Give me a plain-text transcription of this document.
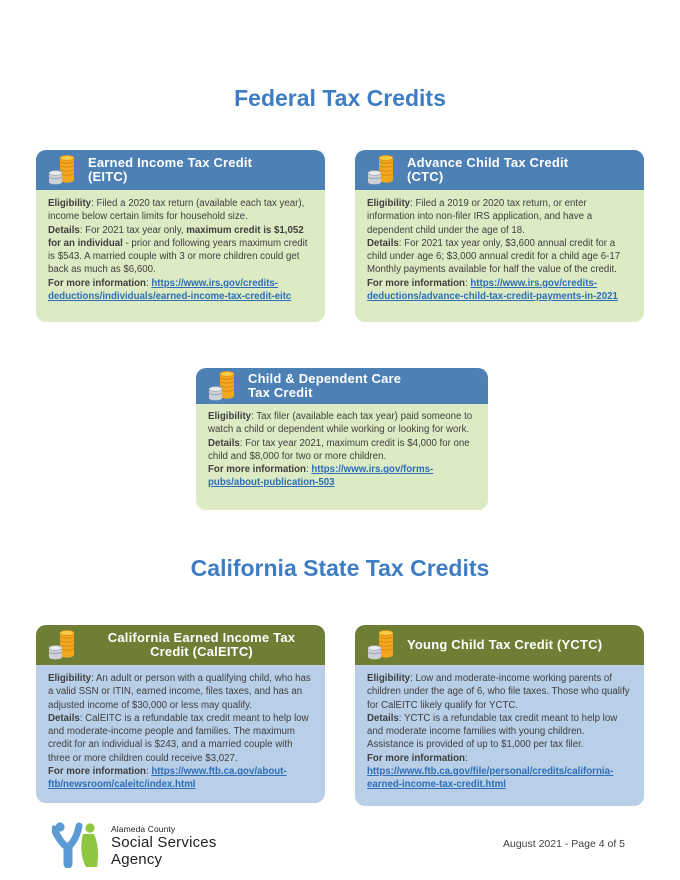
Federal Tax Credits
Earned Income Tax Credit
(EITC)
Eligibility: Filed a 2020 tax return (available each tax year), income below certain limits for household size.
Details: For 2021 tax year only, maximum credit is $1,052 for an individual - prior and following years maximum credit is $543. A married couple with 3 or more children could get back as much as $6,600.
For more information: https://www.irs.gov/credits-deductions/individuals/earned-income-tax-credit-eitc
Advance Child Tax Credit
(CTC)
Eligibility: Filed a 2019 or 2020 tax return, or enter information into non-filer IRS application, and have a dependent child under the age of 18.
Details: For 2021 tax year only, $3,600 annual credit for a child under age 6; $3,000 annual credit for a child age 6-17 Monthly payments available for half the value of the credit.
For more information: https://www.irs.gov/credits-deductions/advance-child-tax-credit-payments-in-2021
Child & Dependent Care
Tax Credit
Eligibility: Tax filer (available each tax year) paid someone to watch a child or dependent while working or looking for work.
Details: For tax year 2021, maximum credit is $4,000 for one child and $8,000 for two or more children.
For more information: https://www.irs.gov/forms-pubs/about-publication-503
California State Tax Credits
California Earned Income Tax
Credit (CalEITC)
Eligibility: An adult or person with a qualifying child, who has a valid SSN or ITIN, earned income, files taxes, and has an adjusted income of $30,000 or less may qualify.
Details: CalEITC is a refundable tax credit meant to help low and moderate-income people and families. The maximum credit for an individual is $243, and a married couple with three or more children could receive $3,027.
For more information: https://www.ftb.ca.gov/about-ftb/newsroom/caleitc/index.html
Young Child Tax Credit (YCTC)
Eligibility: Low and moderate-income working parents of children under the age of 6, who file taxes. Those who qualify for CalEITC likely qualify for YCTC.
Details: YCTC is a refundable tax credit meant to help low and moderate income families with young children. Assistance is provided of up to $1,000 per tax filer.
For more information:
https://www.ftb.ca.gov/file/personal/credits/california-earned-income-tax-credit.html
Alameda County
Social Services
Agency
August 2021 - Page 4 of 5
